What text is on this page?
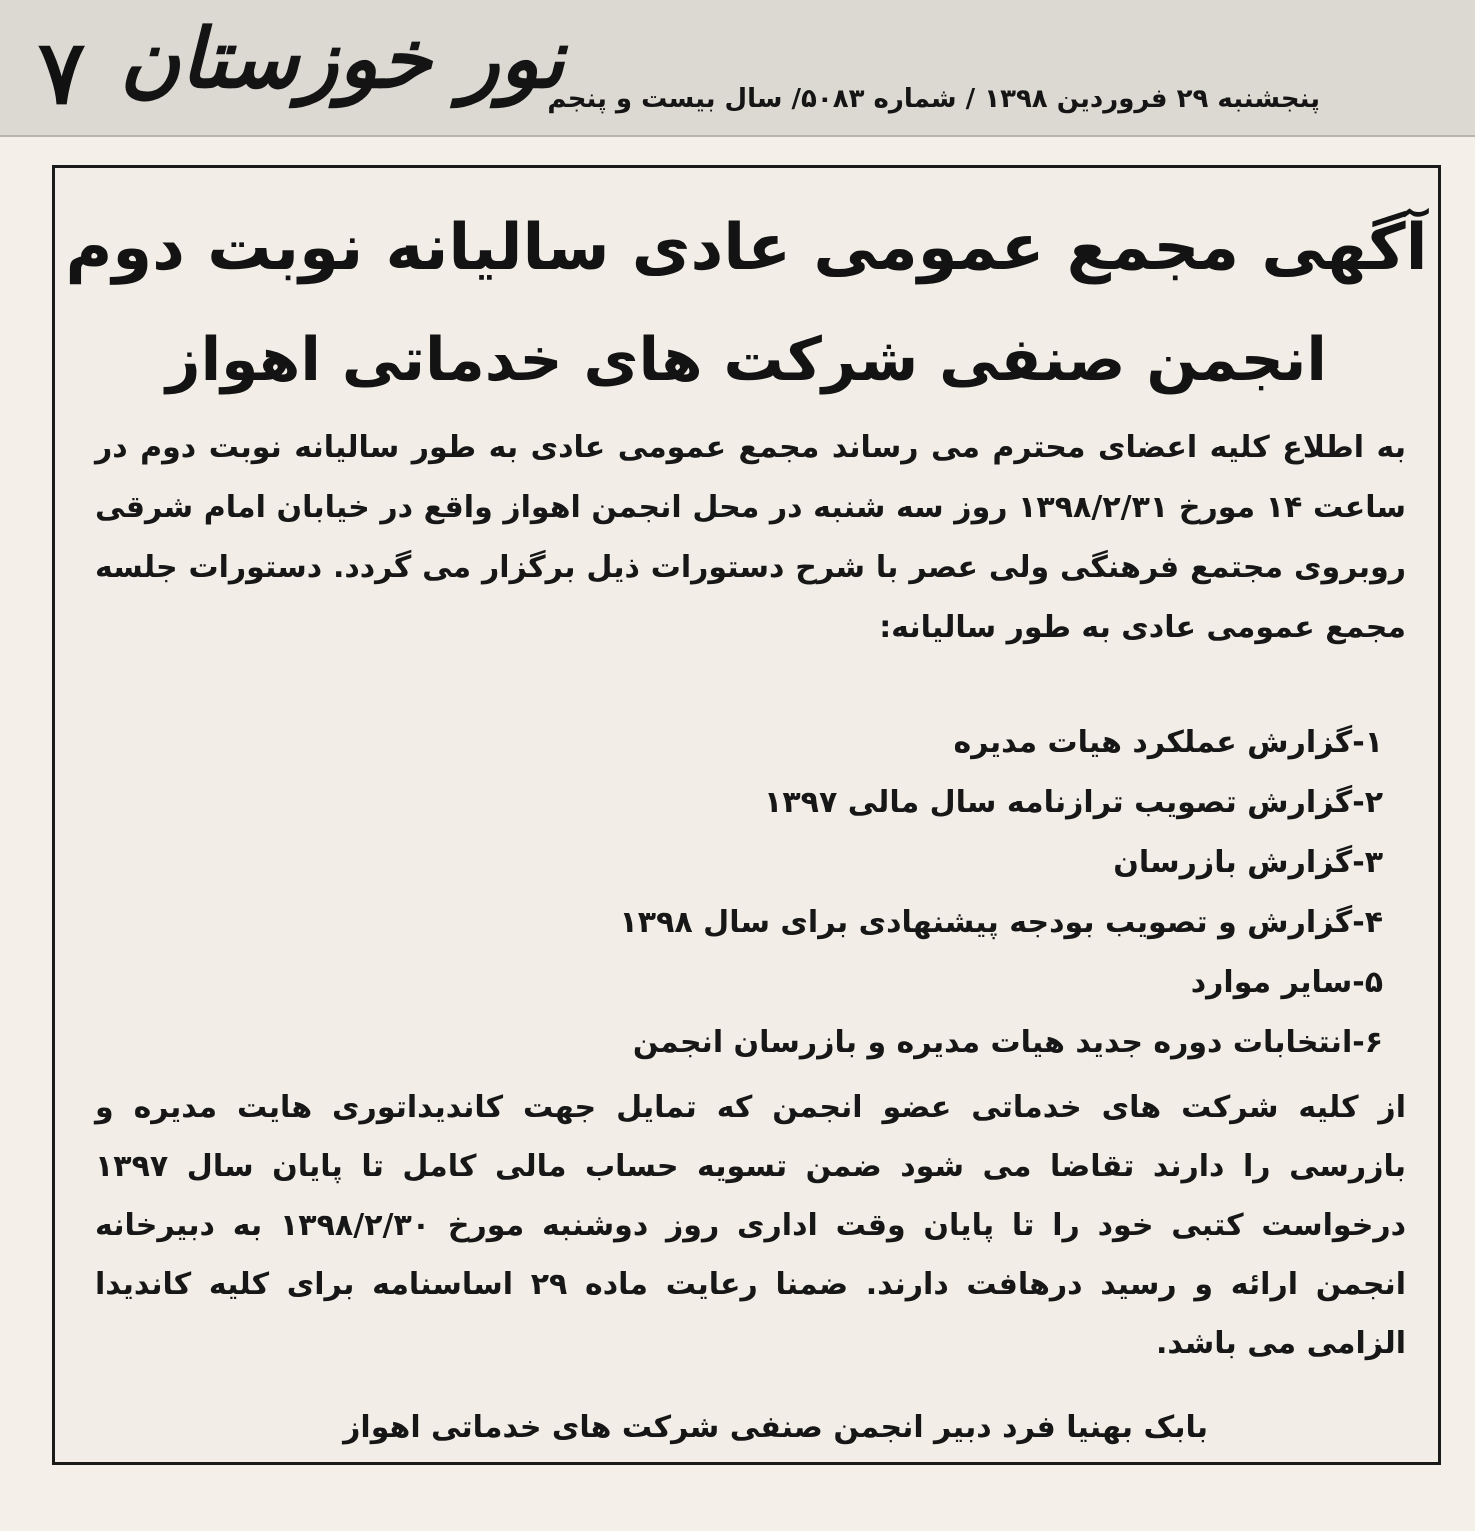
۷ نور خوزستان
پنجشنبه ۲۹ فروردین ۱۳۹۸ / شماره ۵۰۸۳/ سال بیست و پنجم
آگهی مجمع عمومی عادی سالیانه نوبت دوم
انجمن صنفی شرکت های خدماتی اهواز
به اطلاع کلیه اعضای محترم می رساند مجمع عمومی عادی به طور سالیانه نوبت دوم در ساعت ۱۴ مورخ ۱۳۹۸/۲/۳۱ روز سه شنبه در محل انجمن اهواز واقع در خیابان امام شرقی روبروی مجتمع فرهنگی ولی عصر با شرح دستورات ذیل برگزار می گردد. دستورات جلسه مجمع عمومی عادی به طور سالیانه:
۱-گزارش عملکرد هیات مدیره
۲-گزارش تصویب ترازنامه سال مالی ۱۳۹۷
۳-گزارش بازرسان
۴-گزارش و تصویب بودجه پیشنهادی برای سال ۱۳۹۸
۵-سایر موارد
۶-انتخابات دوره جدید هیات مدیره و بازرسان انجمن
از کلیه شرکت های خدماتی عضو انجمن که تمایل جهت کاندیداتوری هایت مدیره و بازرسی را دارند تقاضا می شود ضمن تسویه حساب مالی کامل تا پایان سال ۱۳۹۷ درخواست کتبی خود را تا پایان وقت اداری روز دوشنبه مورخ ۱۳۹۸/۲/۳۰ به دبیرخانه انجمن ارائه و رسید درهافت دارند. ضمنا رعایت ماده ۲۹ اساسنامه برای کلیه کاندیدا الزامی می باشد.
بابک بهنیا فرد دبیر انجمن صنفی شرکت های خدماتی اهواز
